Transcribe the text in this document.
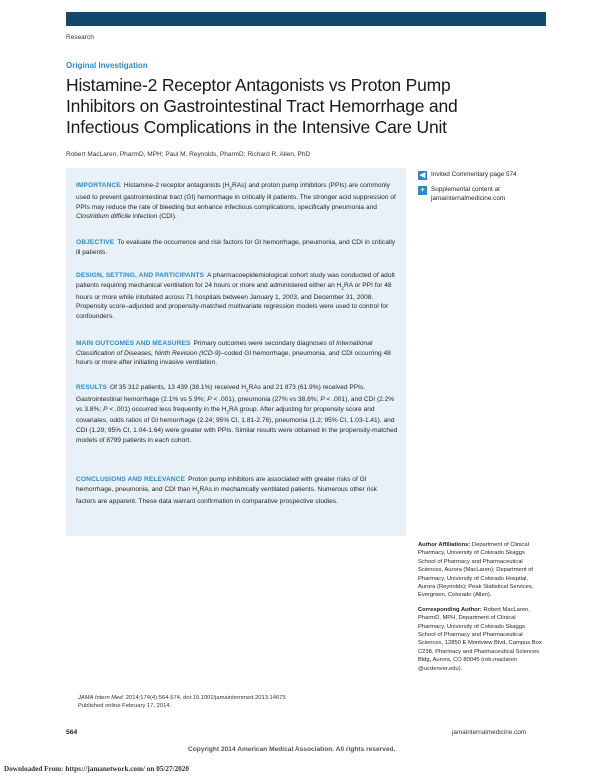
Research
Original Investigation
Histamine-2 Receptor Antagonists vs Proton Pump Inhibitors on Gastrointestinal Tract Hemorrhage and Infectious Complications in the Intensive Care Unit
Robert MacLaren, PharmD, MPH; Paul M. Reynolds, PharmD; Richard R. Allen, PhD

IMPORTANCE Histamine-2 receptor antagonists $(H_2RAs)$ and proton pump inhibitors (PPIs) are commonly used to prevent gastrointestinal tract (GI) hemorrhage in critically ill patients. The stronger acid suppression of PPIs may reduce the rate of bleeding but enhance infectious complications, specifically pneumonia and Clostridium difficile infection (CDI).

OBJECTIVE To evaluate the occurrence and risk factors for GI hemorrhage, pneumonia, and CDI in critically ill patients.

DESIGN, SETTING, AND PARTICIPANTS A pharmacoepidemiological cohort study was conducted of adult patients requiring mechanical ventilation for 24 hours or more and administered either an $H_2RA$ or PPI for 48 hours or more while intubated across 71 hospitals between January 1, 2003, and December 31, 2008. Propensity score–adjusted and propensity-matched multivariate regression models were used to control for confounders.

MAIN OUTCOMES AND MEASURES Primary outcomes were secondary diagnoses of International Classification of Diseases, Ninth Revision (ICD-9)–coded GI hemorrhage, pneumonia, and CDI occurring 48 hours or more after initiating invasive ventilation.

RESULTS Of 35 312 patients, 13 439 (38.1%) received $H_2RAs$ and 21 873 (61.9%) received PPIs. Gastrointestinal hemorrhage (2.1% vs 5.9%; P < .001), pneumonia (27% vs 38.6%; P < .001), and CDI (2.2% vs 3.8%; P < .001) occurred less frequently in the $H_2RA$ group. After adjusting for propensity score and covariates, odds ratios of GI hemorrhage (2.24; 95% CI, 1.81-2.76), pneumonia (1.2; 95% CI, 1.03-1.41), and CDI (1.29; 95% CI, 1.04-1.64) were greater with PPIs. Similar results were obtained in the propensity-matched models of 8799 patients in each cohort.

CONCLUSIONS AND RELEVANCE Proton pump inhibitors are associated with greater risks of GI hemorrhage, pneumonia, and CDI than $H_2RAs$ in mechanically ventilated patients. Numerous other risk factors are apparent. These data warrant confirmation in comparative prospective studies.

◀ Invited Commentary page 574
+	Supplemental content at jamainternalmedicine.com

Author Affiliations: Department of Clinical Pharmacy, University of Colorado Skaggs School of Pharmacy and Pharmaceutical Sciences, Aurora (MacLaren); Department of Pharmacy, University of Colorado Hospital, Aurora (Reynolds); Peak Statistical Services, Evergreen, Colorado (Allen).

Corresponding Author: Robert MacLaren, PharmD, MPH, Department of Clinical Pharmacy, University of Colorado Skaggs School of Pharmacy and Pharmaceutical Sciences, 12850 E Montview Blvd, Campus Box C238, Pharmacy and Pharmaceutical Sciences Bldg, Aurora, CO 80045 (rob.maclaren @ucdenver.edu).

JAMA Intern Med. 2014;174(4):564-574. doi:10.1001/jamainternmed.2013.14673
Published online February 17, 2014.
564	jamainternalmedicine.com
Copyright 2014 American Medical Association. All rights reserved.
Downloaded From: https://jamanetwork.com/ on 05/27/2020
